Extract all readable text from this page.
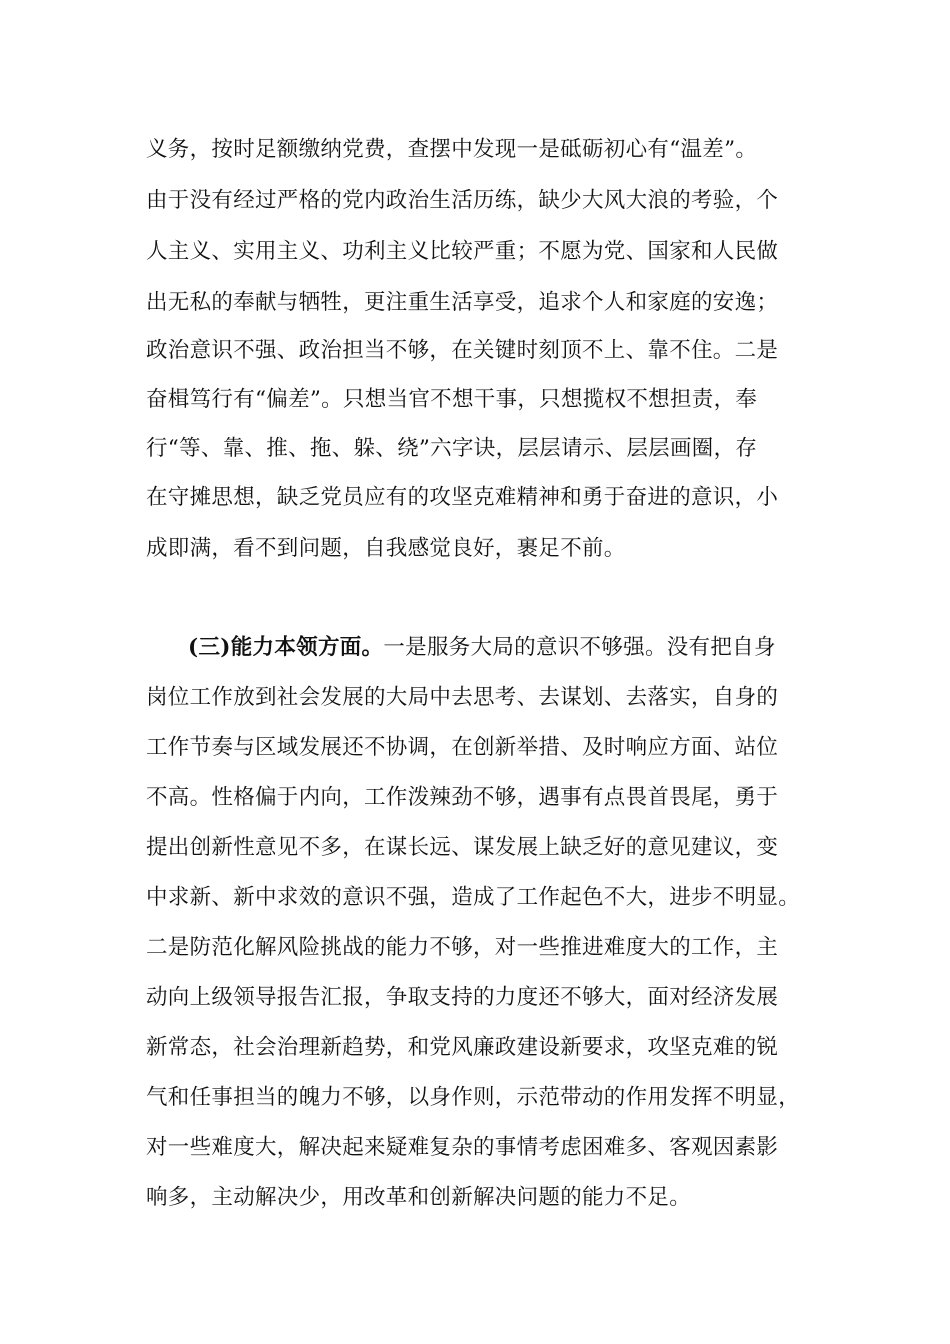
义务，按时足额缴纳党费，查摆中发现一是砥砺初心有“温差”。
由于没有经过严格的党内政治生活历练，缺少大风大浪的考验，个
人主义、实用主义、功利主义比较严重；不愿为党、国家和人民做
出无私的奉献与牺牲，更注重生活享受，追求个人和家庭的安逸；
政治意识不强、政治担当不够，在关键时刻顶不上、靠不住。二是
奋楫笃行有“偏差”。只想当官不想干事，只想揽权不想担责，奉
行“等、靠、推、拖、躲、绕”六字诀，层层请示、层层画圈，存
在守摊思想，缺乏党员应有的攻坚克难精神和勇于奋进的意识，小
成即满，看不到问题，自我感觉良好，裹足不前。
(三)能力本领方面。一是服务大局的意识不够强。没有把自身
岗位工作放到社会发展的大局中去思考、去谋划、去落实，自身的
工作节奏与区域发展还不协调，在创新举措、及时响应方面、站位
不高。性格偏于内向，工作泼辣劲不够，遇事有点畏首畏尾，勇于
提出创新性意见不多，在谋长远、谋发展上缺乏好的意见建议，变
中求新、新中求效的意识不强，造成了工作起色不大，进步不明显。
二是防范化解风险挑战的能力不够，对一些推进难度大的工作，主
动向上级领导报告汇报，争取支持的力度还不够大，面对经济发展
新常态，社会治理新趋势，和党风廉政建设新要求，攻坚克难的锐
气和任事担当的魄力不够，以身作则，示范带动的作用发挥不明显，
对一些难度大，解决起来疑难复杂的事情考虑困难多、客观因素影
响多，主动解决少，用改革和创新解决问题的能力不足。
